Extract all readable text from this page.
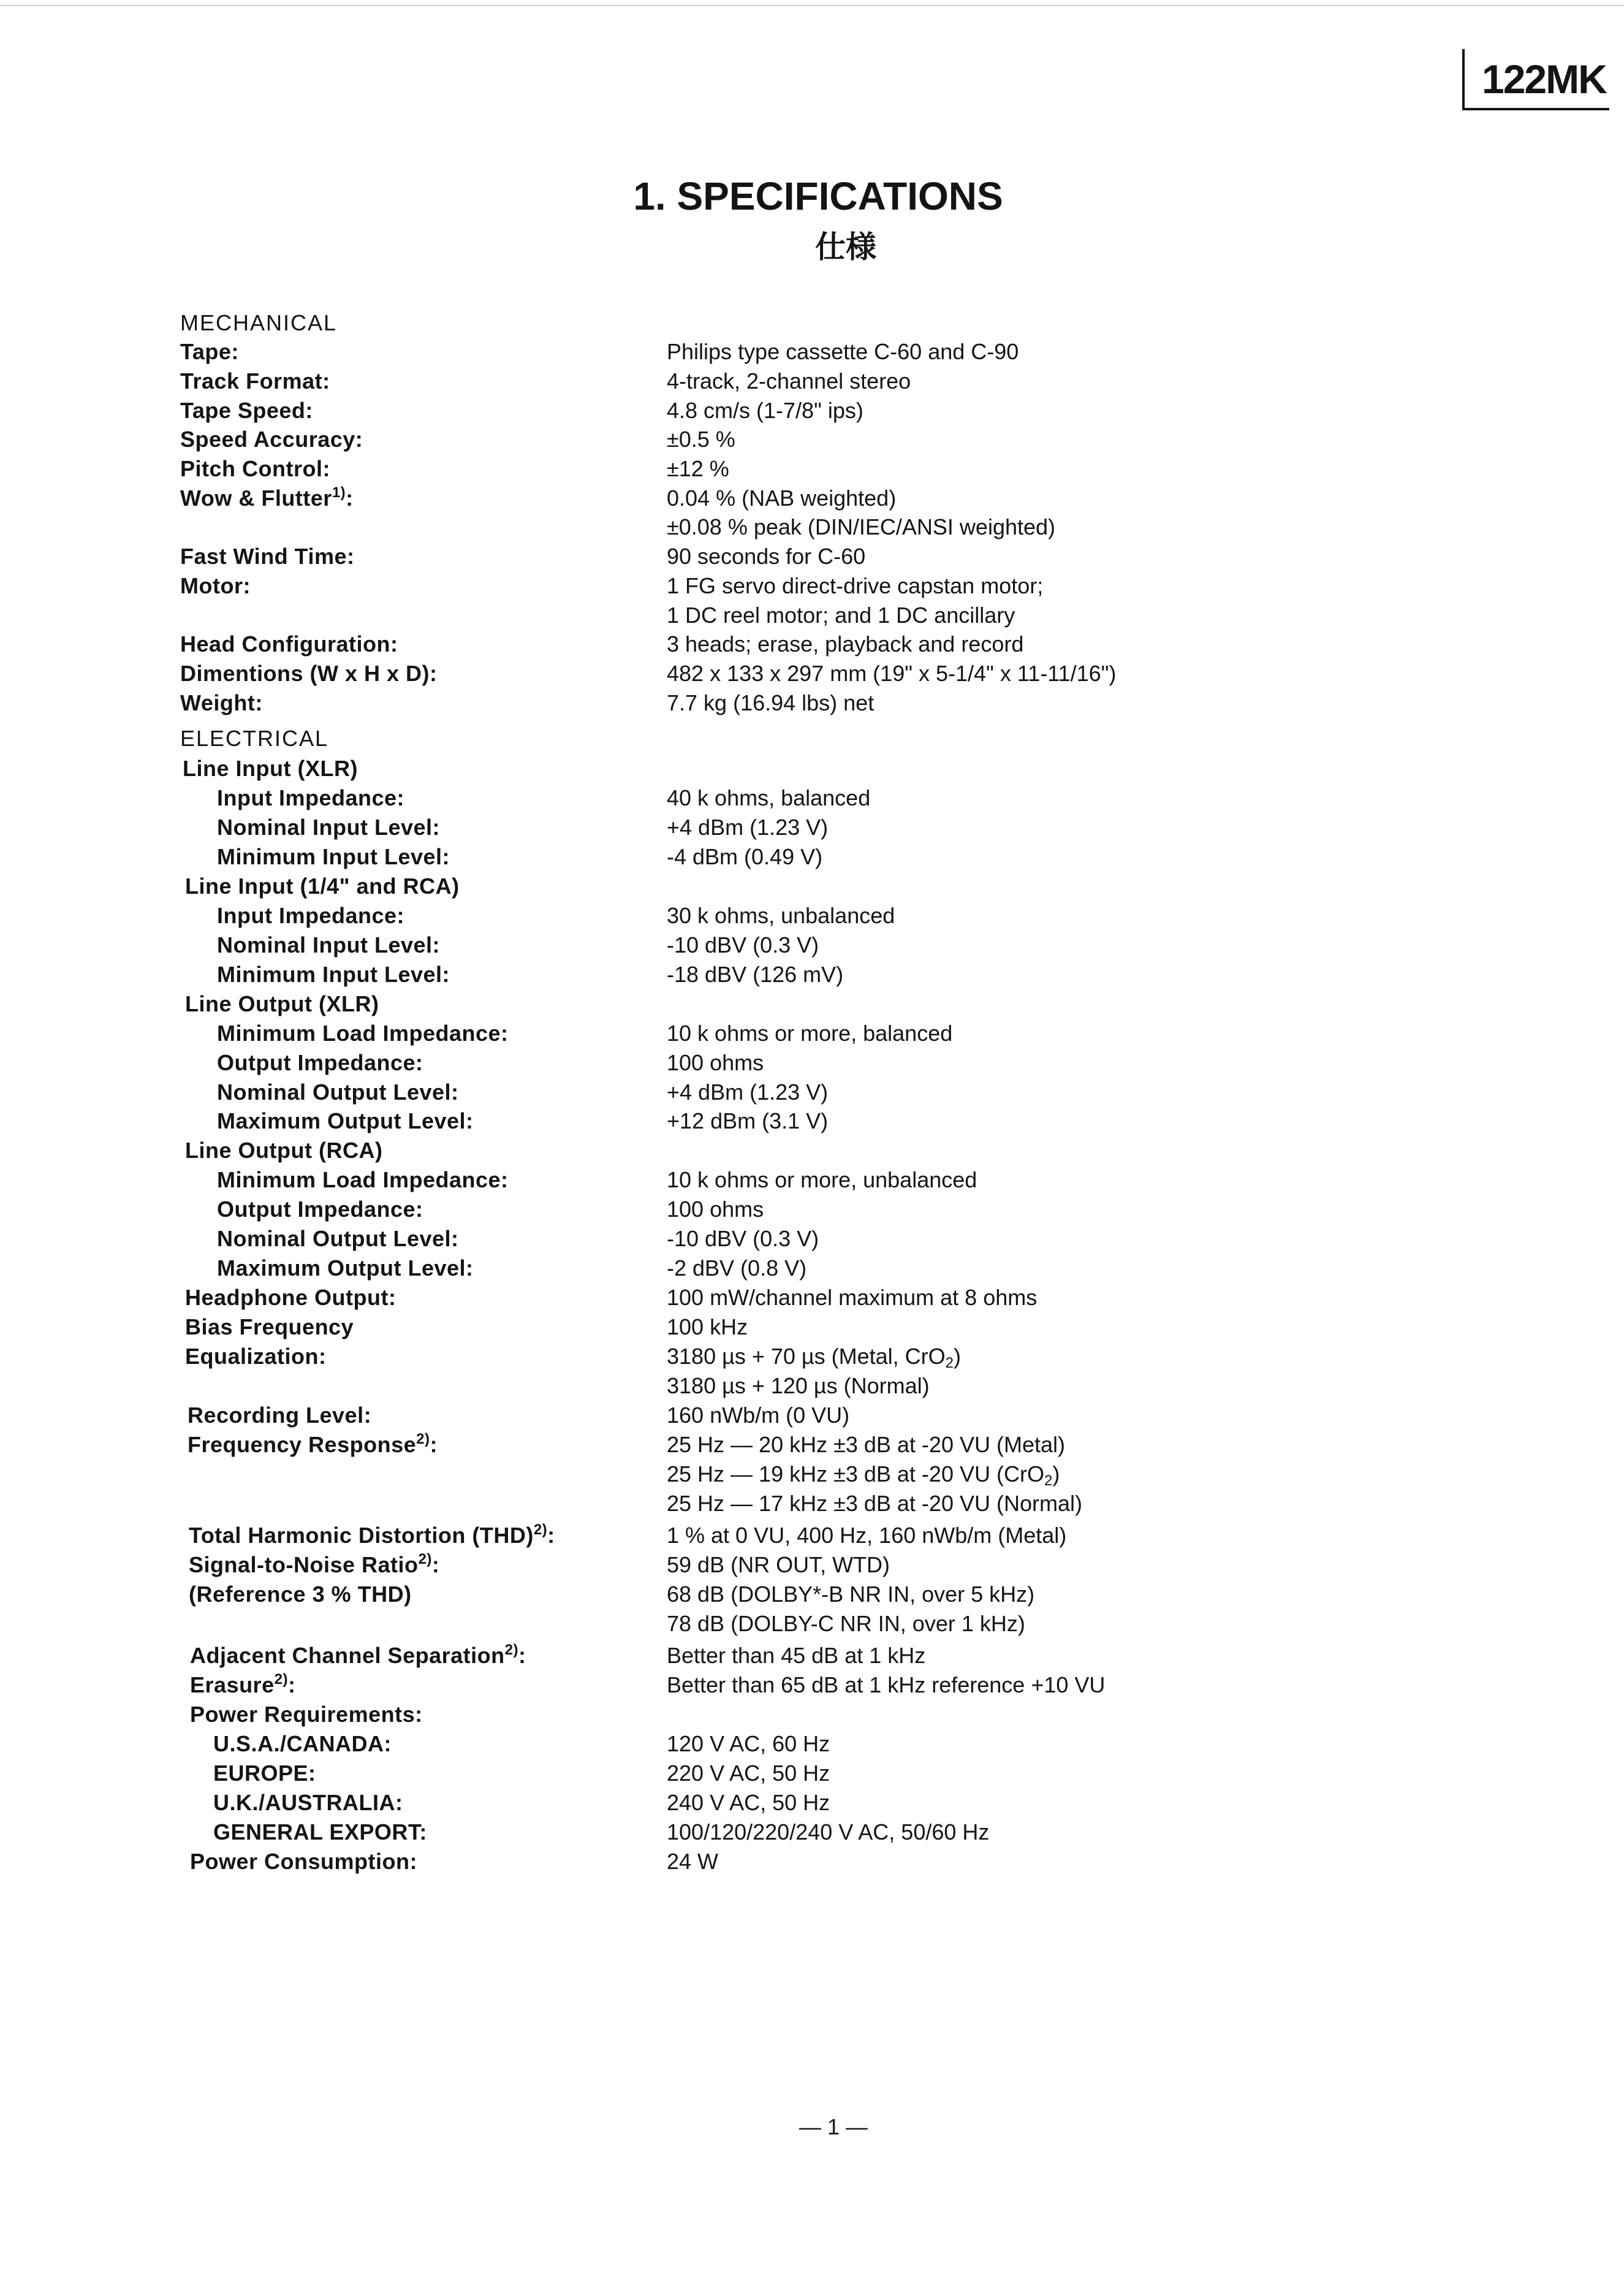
122MK
1. SPECIFICATIONS
仕様
MECHANICAL
Tape:	Philips type cassette C-60 and C-90
Track Format:	4-track, 2-channel stereo
Tape Speed:	4.8 cm/s (1-7/8" ips)
Speed Accuracy:	±0.5 %
Pitch Control:	±12 %
Wow & Flutter$^{1)}$:	0.04 % (NAB weighted)
±0.08 % peak (DIN/IEC/ANSI weighted)
Fast Wind Time:	90 seconds for C-60
Motor:	1 FG servo direct-drive capstan motor;
1 DC reel motor; and 1 DC ancillary
Head Configuration:	3 heads; erase, playback and record
Dimentions (W x H x D):	482 x 133 x 297 mm (19" x 5-1/4" x 11-11/16")
Weight:	7.7 kg (16.94 lbs) net
ELECTRICAL
Line Input (XLR)
Input Impedance:	40 k ohms, balanced
Nominal Input Level:	+4 dBm (1.23 V)
Minimum Input Level:	-4 dBm (0.49 V)
Line Input (1/4" and RCA)
Input Impedance:	30 k ohms, unbalanced
Nominal Input Level:	-10 dBV (0.3 V)
Minimum Input Level:	-18 dBV (126 mV)
Line Output (XLR)
Minimum Load Impedance:	10 k ohms or more, balanced
Output Impedance:	100 ohms
Nominal Output Level:	+4 dBm (1.23 V)
Maximum Output Level:	+12 dBm (3.1 V)
Line Output (RCA)
Minimum Load Impedance:	10 k ohms or more, unbalanced
Output Impedance:	100 ohms
Nominal Output Level:	-10 dBV (0.3 V)
Maximum Output Level:	-2 dBV (0.8 V)
Headphone Output:	100 mW/channel maximum at 8 ohms
Bias Frequency	100 kHz
Equalization:	3180 µs + 70 µs (Metal, CrO$_2$)
3180 µs + 120 µs (Normal)
Recording Level:	160 nWb/m (0 VU)
Frequency Response$^{2)}$:	25 Hz — 20 kHz ±3 dB at -20 VU (Metal)
25 Hz — 19 kHz ±3 dB at -20 VU (CrO$_2$)
25 Hz — 17 kHz ±3 dB at -20 VU (Normal)
Total Harmonic Distortion (THD)$^{2)}$:	1 % at 0 VU, 400 Hz, 160 nWb/m (Metal)
Signal-to-Noise Ratio$^{2)}$:	59 dB (NR OUT, WTD)
(Reference 3 % THD)	68 dB (DOLBY*-B NR IN, over 5 kHz)
78 dB (DOLBY-C NR IN, over 1 kHz)
Adjacent Channel Separation$^{2)}$:	Better than 45 dB at 1 kHz
Erasure$^{2)}$:	Better than 65 dB at 1 kHz reference +10 VU
Power Requirements:
U.S.A./CANADA:	120 V AC, 60 Hz
EUROPE:	220 V AC, 50 Hz
U.K./AUSTRALIA:	240 V AC, 50 Hz
GENERAL EXPORT:	100/120/220/240 V AC, 50/60 Hz
Power Consumption:	24 W
— 1 —
